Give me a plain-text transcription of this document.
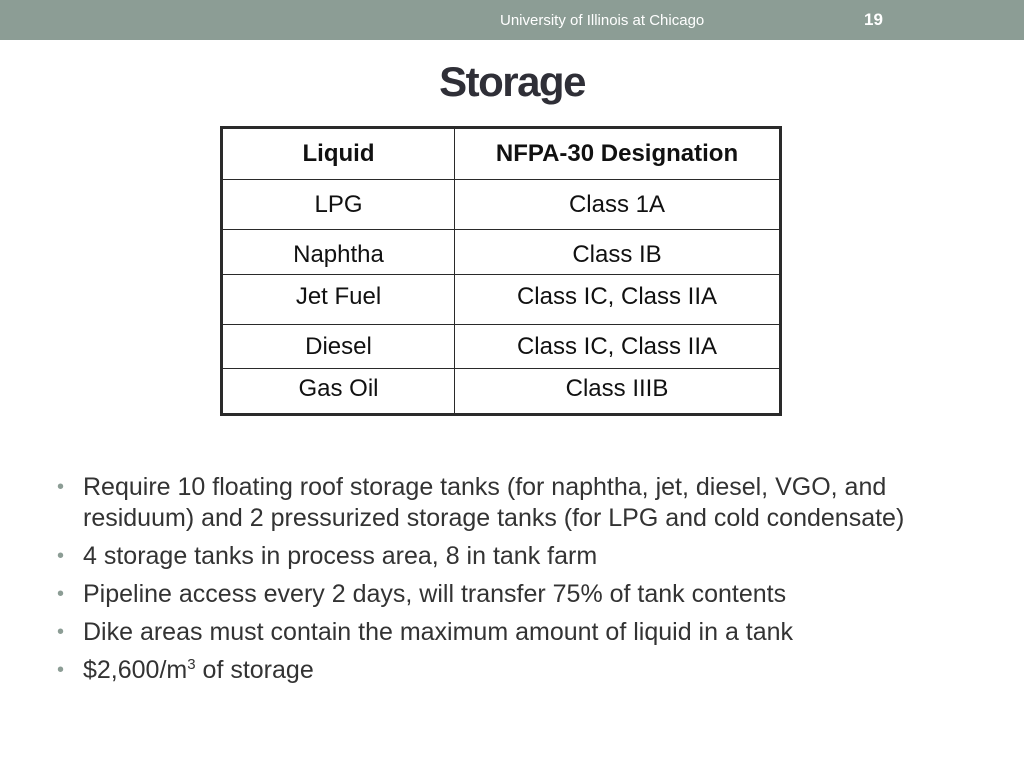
University of Illinois at Chicago	19
Storage
Liquid	NFPA-30 Designation
LPG	Class 1A
Naphtha	Class IB
Jet Fuel	Class IC, Class IIA
Diesel	Class IC, Class IIA
Gas Oil	Class IIIB
• Require 10 floating roof storage tanks (for naphtha, jet, diesel, VGO, and residuum) and 2 pressurized storage tanks (for LPG and cold condensate)
• 4 storage tanks in process area, 8 in tank farm
• Pipeline access every 2 days, will transfer 75% of tank contents
• Dike areas must contain the maximum amount of liquid in a tank
• $\$2,600/m^3$ of storage
